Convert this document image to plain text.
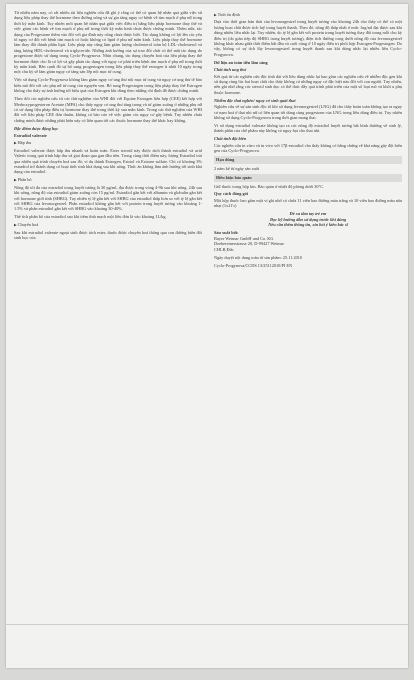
Từ nhiều năm nay, có rất nhiều tài liệu nghiên cứu đã ghi ý rằng có thể có quan hệ nhân quả giữa việc sử dụng liệu pháp thay thế hormone theo đường uống và sự gia tăng nguy cơ bệnh về tim mạch ở phụ nữ trong thời kỳ mãn kinh. Tuy nhiên mối quan hệ nhân quả giữa việc điều trị bằng liệu pháp hormone thay thế và việc giảm các bệnh về tim mạch ở phụ nữ trong thời kỳ mãn kinh chưa được chứng minh. Thêm nữa, tác dụng của Progestone thêm vào đối với gia đình này cũng chưa được biết. Tác dụng không có lợi lên các yếu tố nguy cơ đối với bệnh tim mạch có hoặc không có lipid ở phụ nữ mãn kinh. Liệu pháp thay thế hormone làm thay đổi thành phần lipit. Liệu pháp này cũng làm giảm lượng cholesterol toàn bộ LDL-cholesterol và tăng lượng HDL-cholesterol và triglyceride. Những ảnh hưởng của sự trao đổi chất có thể mất tác dụng do progestone được sử dụng trong Cyclo-Progynova. Nhìn chung, tác dụng chuyển hoá của liệu pháp thay thế hormone được cho là có lợi và gây phản tác dụng với nguy cơ phát triển bệnh tim mạch ở phụ nữ trong thời kỳ mãn kinh. Bên cạnh đó sự bổ sung progestogen trong liệu pháp thay thế estrogen ít nhất 10 ngày trong một chu kỳ sẽ làm giảm nguy cơ tăng sản lớp nội mạc tử cung.

Việc sử dụng Cyclo-Progynova không làm giảm nguy cơ ung thư nội mạc tử cung và nguy cơ ung thư tế bào biểu mô đối với các phụ nữ tử cung còn nguyên vẹn. Bổ sung Progestogen trong liệu pháp thay thế Estrogen không cho thấy sự ảnh hưởng tới hiệu quả của Estrogen khi dùng theo những chỉ định đã được chứng minh.

Theo dõi các nghiên cứu và các thử nghiệm của WHI đối với Equine Estrogen liên hợp (CEE) kết hợp với Medroxyprogesteron Acetate (MPA) cho thấy nguy cơ ung thư tăng trong và tử giảm xuống ở những phụ nữ có sử dụng liệu pháp điều trị hormone thay thế trong thời kỳ sau mãn kinh. Trong các thử nghiệm của WHI đối với liệu pháp CEE đơn thuần, không có bảo cáo về việc giảm các nguy cơ gây bệnh. Tuy nhiên chưa chứng minh được những phát hiện này có liên quan tới các thuốc hormone thay thế khác hay không.

Đặc điểm dược động học
Estradiol valerate
▶ Hấp thu

Estradiol valerate được hấp thu nhanh và hoàn toàn. Ester steroid này được tách thành estradiol và acid Valeric trong quá trình hấp thu và giai đoạn qua gan đầu tiên. Trong cùng thời điểm này, lượng Estradiol trải qua nhiều quá trình chuyển hoá sau đó, ví dụ thành Estrogen, Estriol và Estrone sulfate. Chỉ có khoảng 3% estradiol trở thành dạng có hoạt tính sinh khả dụng sau khi uống. Thức ăn không làm ảnh hưởng tới sinh khả dụng của estradiol.

▶ Phân bố

Nồng độ tối đa của estradiol trong huyết tương là 30 pg/ml, đạt được trong vòng 4-9h sau khi uống. 24h sau khi uống, nồng độ của estradiol giảm xuống còn 15 pg/ml. Estradiol gắn kết với albumin và globulin gắn kết với hormone giới tính (SHBG). Tuy nhiên tỷ lệ gắn kết với SHBG của estradiol thấp hơn so với tỷ lệ gắn kết với SHBG của levonorgestrel. Phân estradiol không gắn kết với protein trong huyết tương vào khoảng 1-1.5% và phân estradiol gắn kết với SHBG vào khoảng 30-40%.

Thể tích phân bố của estradiol sau khi tiêm tĩnh mạch một liều đơn là vào khoảng 1L/kg.

▶ Chuyển hoá

Sau khi estradiol valerate ngoại sinh được tách ester, thuốc được chuyển hoá thông qua con đường biến đổi sinh học của

▶ Tình ổn định

Dựa vào thời gian bán thải của levonorgestrel trong huyết tương vào khoảng 24h cho thấy có thể có một lượng hoạt chất được tích luỹ trong huyết thanh. Theo đó, nồng độ thấp nhất ở mức 1ng/ml đạt được sau khi dùng nhiều liều nhắc lại. Tuy nhiên, do tỷ lệ gắn kết với protein trong huyết tương thay đổi trong mỗi chu kỳ điều trị (do gián tiếp độ SHBG trong huyết tương), điện tích đường cong dưới nồng độ của levonorgestrel không khác nhau giữa thời điểm bắt đầu và cuối cùng ở 10 ngày điều trị phối hợp Estrogen-Progestogen. Do vậy, không có sự tích lũy levonorgestrel trong huyết thanh sau khi dùng nhắc lại nhiều liều Cyclo-Progynova.

Dữ liệu an toàn tiền lâm sàng
Chất tính ung thư

Kết quả từ các nghiên cứu độc tính dài với liều dùng nhắc lại bao gồm các nghiên cứu về nhiễm độc gen khi sử dụng cùng lúc hai hoạt chất cho thấy không có những nguy cơ đặc biệt nào đối với con người. Tuy nhiên, nên ghi nhớ rằng các steroid sinh dục có thể thúc đẩy quá trình phát triển của một số loại mô và khối u phụ thuộc hormone.

Nhiễm độc thai nghén/ nguy cơ sinh quái thai

Nghiên cứu về sự sản sinh độc tố khi sử dụng levonorgestrel (LNG) đã cho thấy hoàn toàn không tạo ra nguy cơ nam hoá ở thai nhi nữ có liên quan tới dùng cùng progestone của LNG trong liều dùng điều trị. Tuy nhiên không sử dụng Cyclo-Progynova trong thời gian mang thai.

Vì sử dụng estradiol valerate không tạo ra các nồng độ estradiol huyết tương bất bình thường về sinh lý, thành phần của chế phẩm này không có nguy hại cho thai nhi.

Chất tính đột biến

Các nghiên cứu in vitro và in vivo với 17β-estradiol cho thấy không có bằng chứng về khả năng gây đột biến gen của Cyclo-Progynova.

Hạn dùng

2 năm kể từ ngày sản xuất

Điều kiện bảo quản

Giữ thuốc trong hộp kín. Bảo quản ở nhiệt độ phòng dưới 30°C.

Quy cách đóng gói

Một hộp thuốc bao gồm một vỉ ghi nhớ có chứa 11 viên bao đường màu trắng và 10 viên bao đường màu nâu nhạt (1x21's)

Để xa tầm tay trẻ em
Đọc kỹ hướng dẫn sử dụng trước khi dùng
Nếu cần thêm thông tin, xin hỏi ý kiến bác sĩ
Sản xuất bởi:
Bayer Weimar GmbH und Co. KG
Doebereinerstrasse 20, D-99427 Weimar
CHLB Đức

Ngày duyệt nội dung toàn tờ sản phẩm: 25.11.2010

Cyclo-Progynova/CCDS 13/25112010/PI EN
